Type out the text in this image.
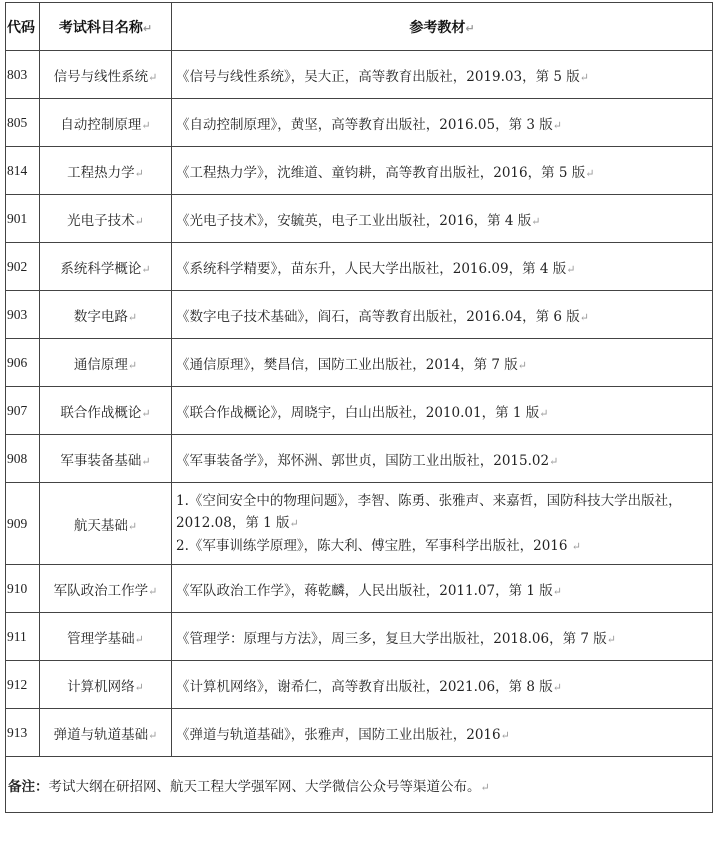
代码	考试科目名称↵	参考教材↵
803	信号与线性系统↵	《信号与线性系统》，吴大正，高等教育出版社，2019.03，第 5 版↵
805	自动控制原理↵	《自动控制原理》，黄坚，高等教育出版社，2016.05，第 3 版↵
814	工程热力学↵	《工程热力学》，沈维道、童钧耕，高等教育出版社，2016，第 5 版↵
901	光电子技术↵	《光电子技术》，安毓英，电子工业出版社，2016，第 4 版↵
902	系统科学概论↵	《系统科学精要》，苗东升，人民大学出版社，2016.09，第 4 版↵
903	数字电路↵	《数字电子技术基础》，阎石，高等教育出版社，2016.04，第 6 版↵
906	通信原理↵	《通信原理》，樊昌信，国防工业出版社，2014，第 7 版↵
907	联合作战概论↵	《联合作战概论》，周晓宇，白山出版社，2010.01，第 1 版↵
908	军事装备基础↵	《军事装备学》，郑怀洲、郭世贞，国防工业出版社，2015.02↵
909	航天基础↵	1.《空间安全中的物理问题》，李智、陈勇、张雅声、来嘉哲，国防科技大学出版社，2012.08，第 1 版↵
2.《军事训练学原理》，陈大利、傅宝胜，军事科学出版社，2016 ↵

910	军队政治工作学↵	《军队政治工作学》，蒋乾麟，人民出版社，2011.07，第 1 版↵
911	管理学基础↵	《管理学：原理与方法》，周三多，复旦大学出版社，2018.06，第 7 版↵
912	计算机网络↵	《计算机网络》，谢希仁，高等教育出版社，2021.06，第 8 版↵
913	弹道与轨道基础↵	《弹道与轨道基础》，张雅声，国防工业出版社，2016↵
备注：考试大纲在研招网、航天工程大学强军网、大学微信公众号等渠道公布。↵		
